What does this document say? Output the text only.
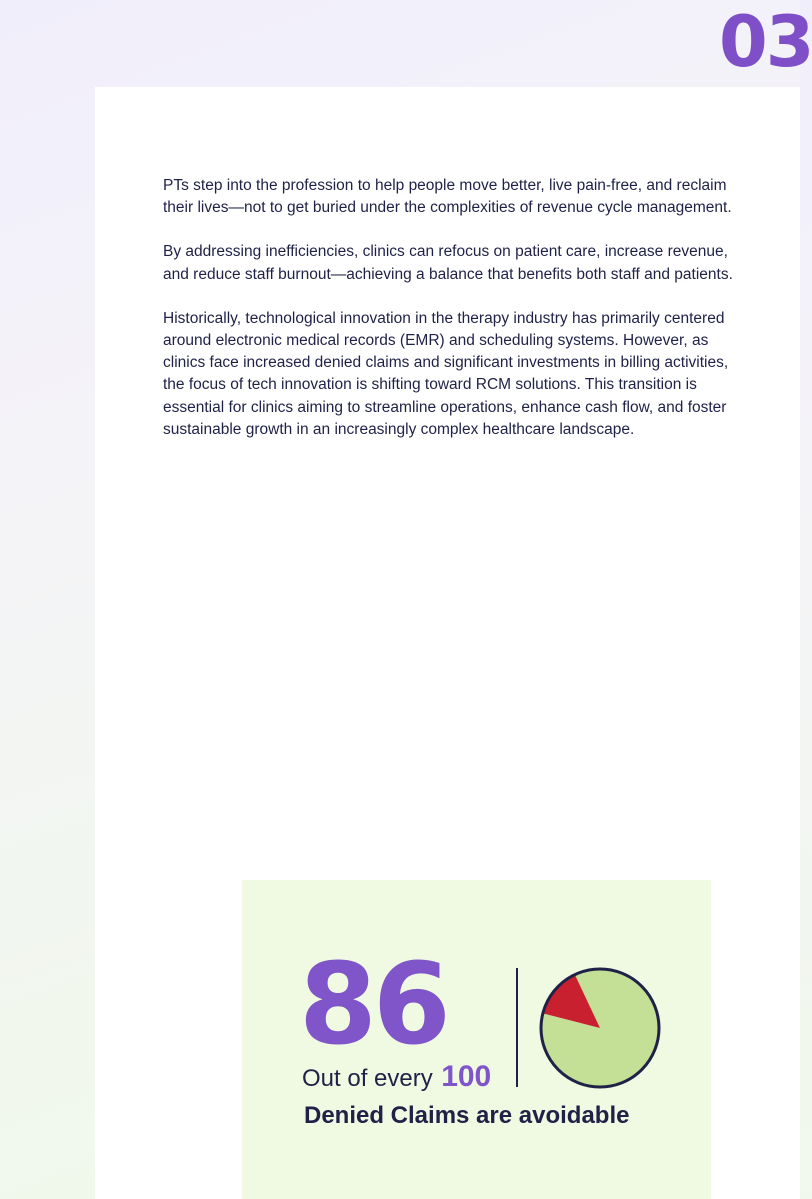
03

PTs step into the profession to help people move better, live pain-free, and reclaim their lives—not to get buried under the complexities of revenue cycle management.

By addressing inefficiencies, clinics can refocus on patient care, increase revenue, and reduce staff burnout—achieving a balance that benefits both staff and patients.

Historically, technological innovation in the therapy industry has primarily centered around electronic medical records (EMR) and scheduling systems. However, as clinics face increased denied claims and significant investments in billing activities, the focus of tech innovation is shifting toward RCM solutions. This transition is essential for clinics aiming to streamline operations, enhance cash flow, and foster sustainable growth in an increasingly complex healthcare landscape.

86
Out of every 100
Denied Claims are avoidable
